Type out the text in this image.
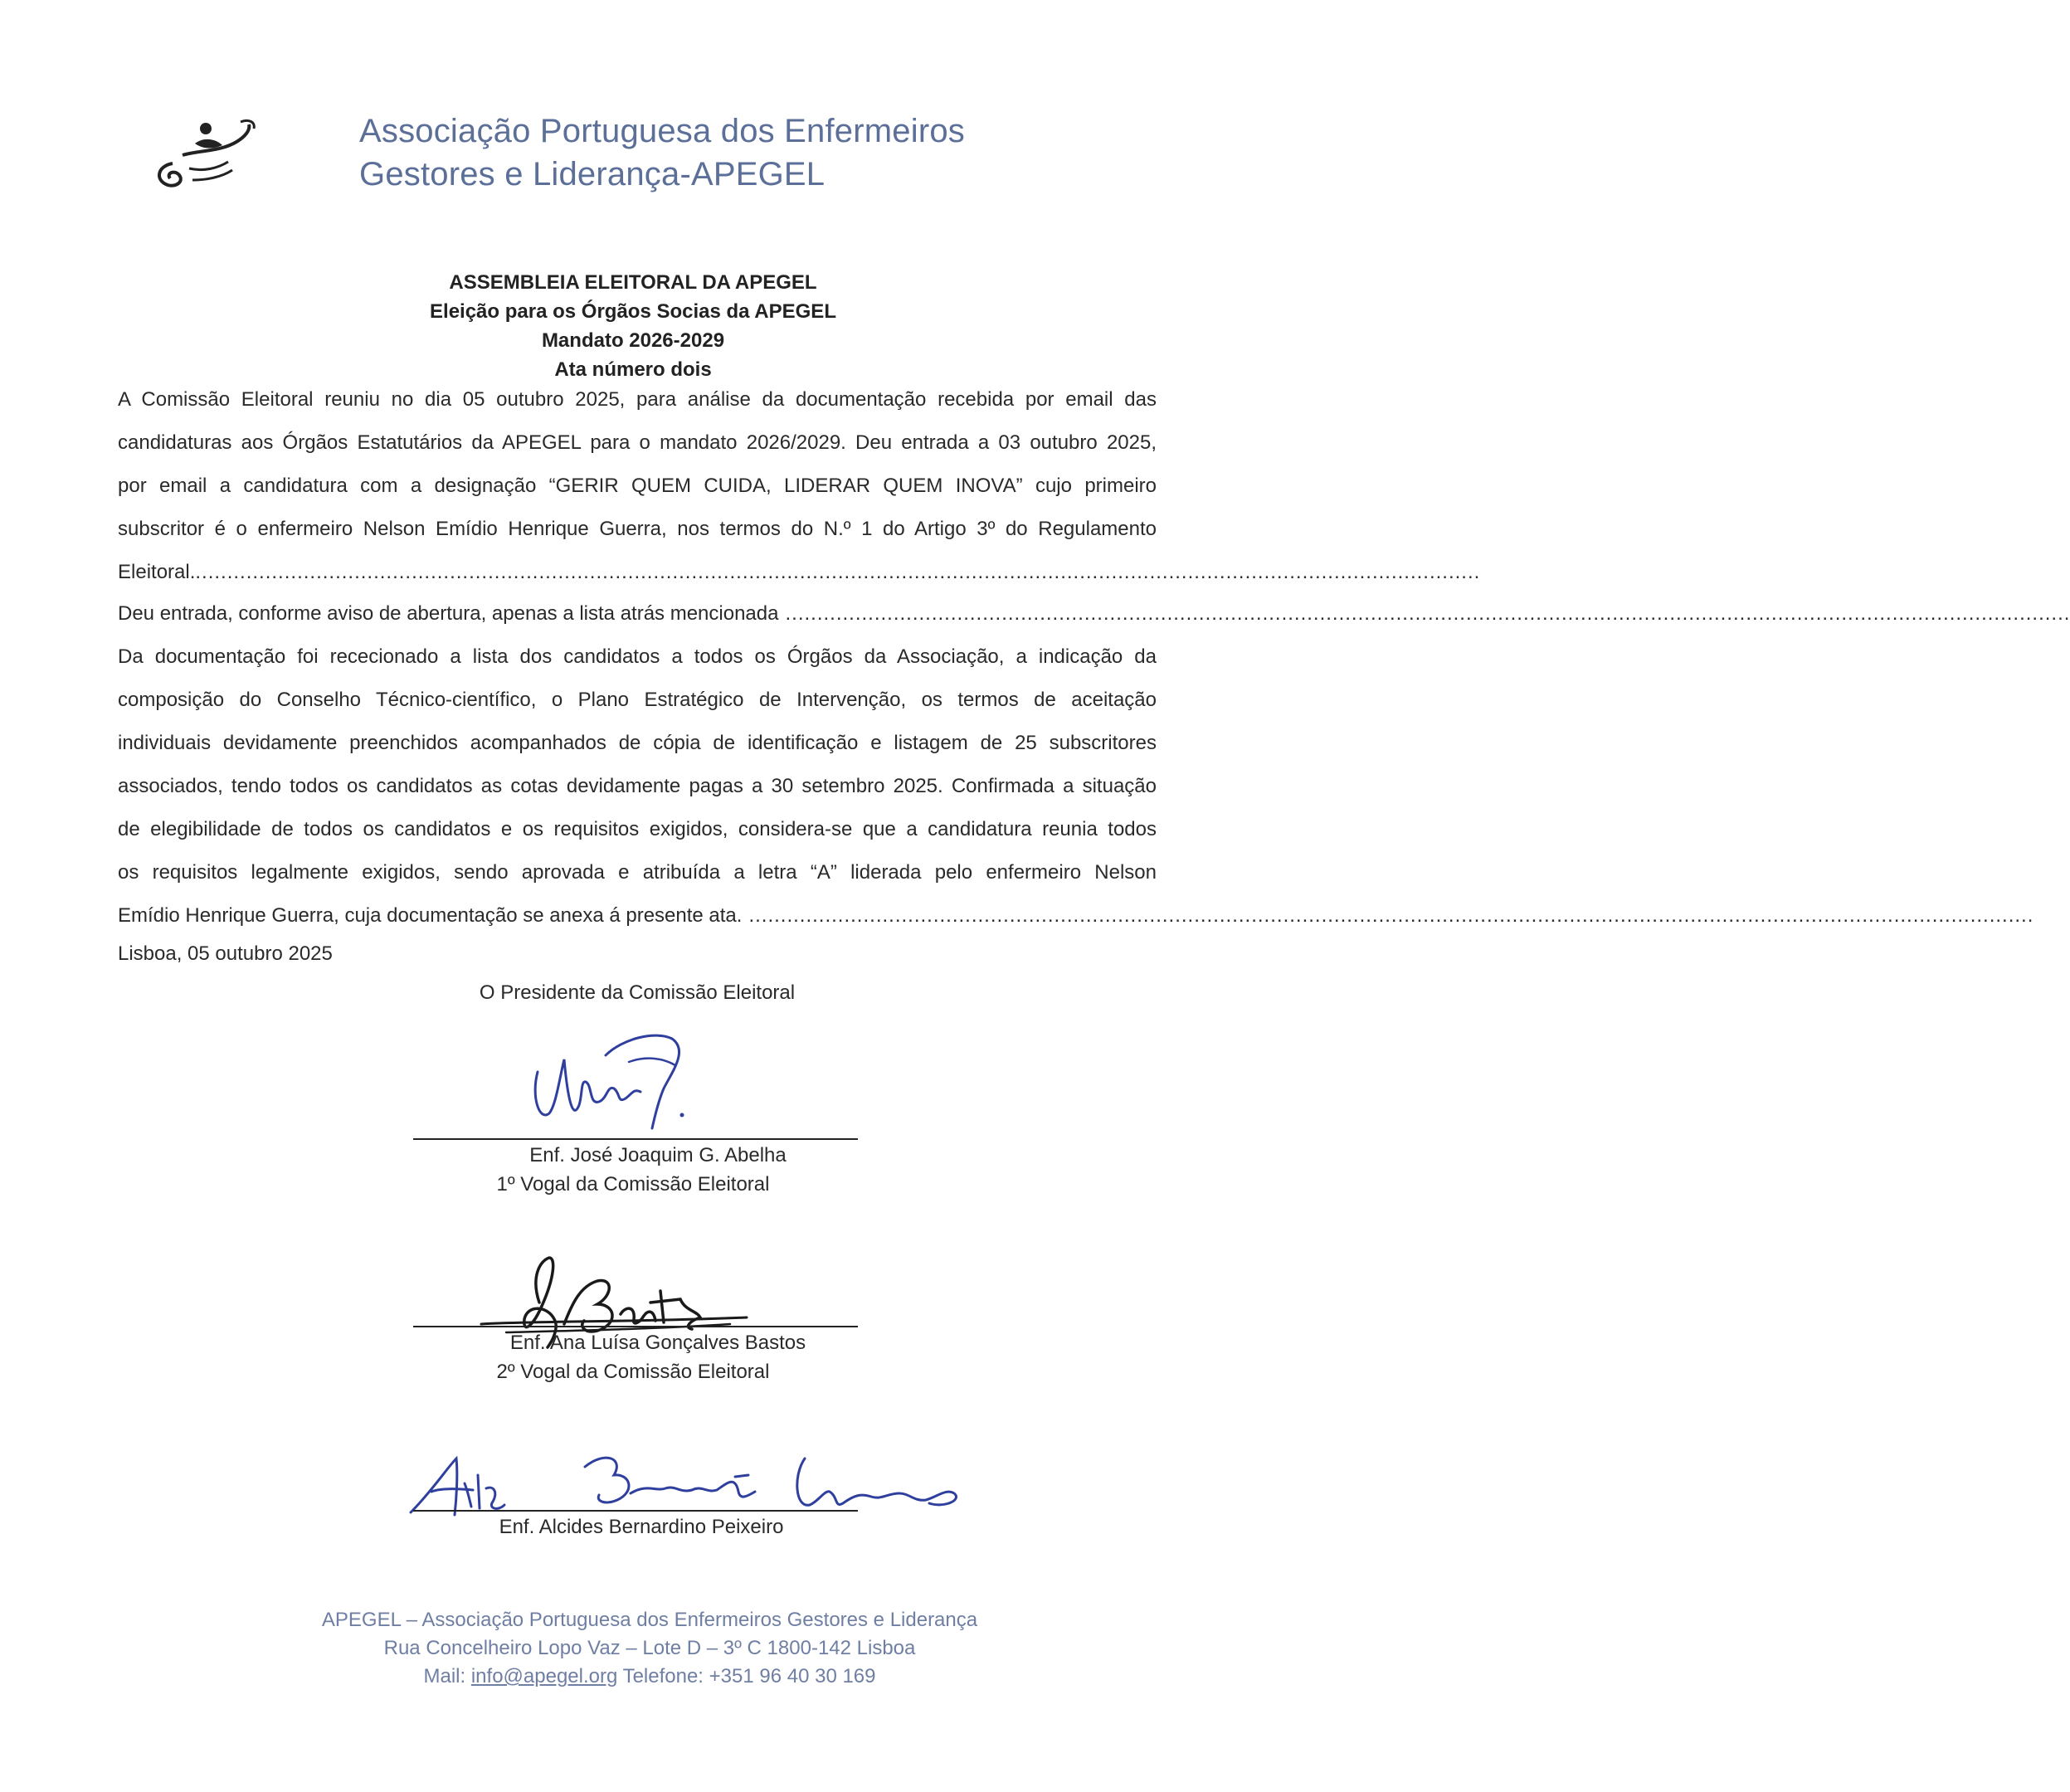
Associação Portuguesa dos Enfermeiros
Gestores e Liderança-APEGEL
ASSEMBLEIA ELEITORAL DA APEGEL
Eleição para os Órgãos Socias da APEGEL
Mandato 2026-2029
Ata número dois
A Comissão Eleitoral reuniu no dia 05 outubro 2025, para análise da documentação recebida por email das
candidaturas aos Órgãos Estatutários da APEGEL para o mandato 2026/2029. Deu entrada a 03 outubro 2025,
por email a candidatura com a designação “GERIR QUEM CUIDA, LIDERAR QUEM INOVA” cujo primeiro
subscritor é o enfermeiro Nelson Emídio Henrique Guerra, nos termos do N.º 1 do Artigo 3º do Regulamento
Eleitoral. ..........................................................................................................................................................................................................
Deu entrada, conforme aviso de abertura, apenas a lista atrás mencionada ..........................................................................................................................................................................................................
Da documentação foi rececionado a lista dos candidatos a todos os Órgãos da Associação, a indicação da
composição do Conselho Técnico-científico, o Plano Estratégico de Intervenção, os termos de aceitação
individuais devidamente preenchidos acompanhados de cópia de identificação e listagem de 25 subscritores
associados, tendo todos os candidatos as cotas devidamente pagas a 30 setembro 2025. Confirmada a situação
de elegibilidade de todos os candidatos e os requisitos exigidos, considera-se que a candidatura reunia todos
os requisitos legalmente exigidos, sendo aprovada e atribuída a letra “A” liderada pelo enfermeiro Nelson
Emídio Henrique Guerra, cuja documentação se anexa á presente ata. ..........................................................................................................................................................................................................
Lisboa, 05 outubro 2025
O Presidente da Comissão Eleitoral
Enf. José Joaquim G. Abelha
1º Vogal da Comissão Eleitoral
Enf. Ana Luísa Gonçalves Bastos
2º Vogal da Comissão Eleitoral
Enf. Alcides Bernardino Peixeiro
APEGEL – Associação Portuguesa dos Enfermeiros Gestores e Liderança
Rua Concelheiro Lopo Vaz – Lote D – 3º C 1800-142 Lisboa
Mail: info@apegel.org Telefone: +351 96 40 30 169
